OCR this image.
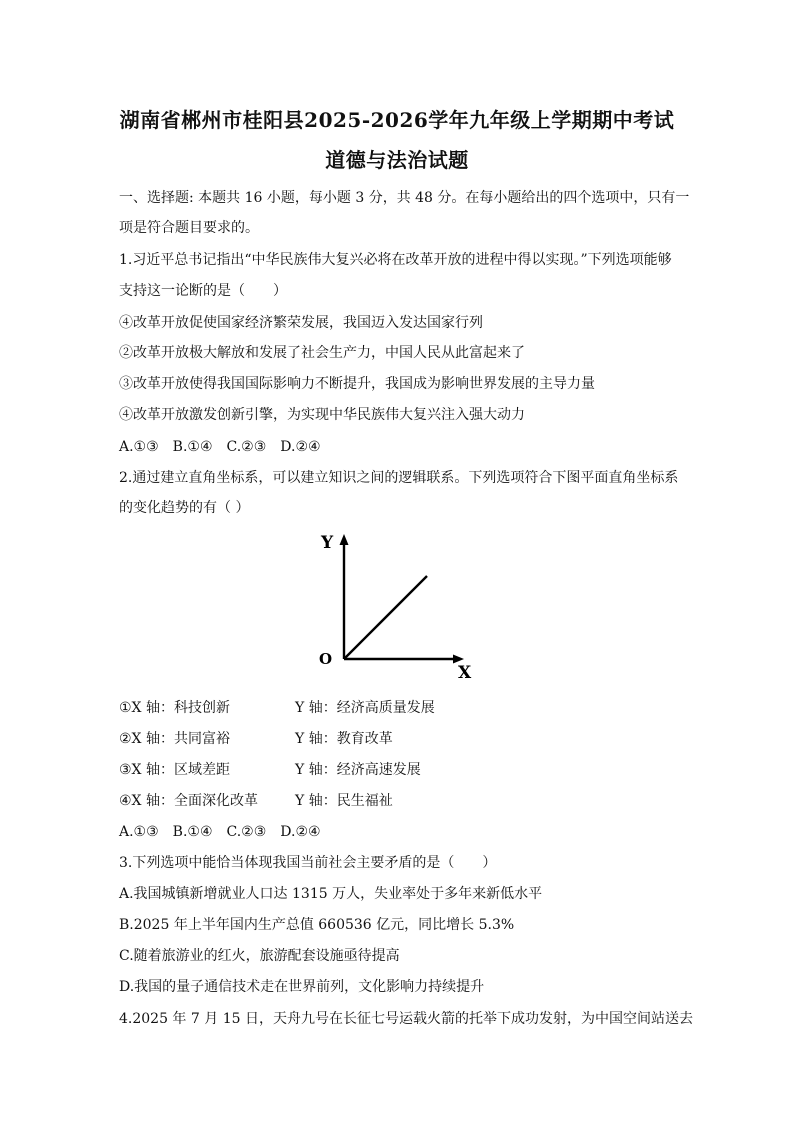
湖南省郴州市桂阳县2025-2026学年九年级上学期期中考试
道德与法治试题
一、选择题: 本题共 16 小题，每小题 3 分，共 48 分。在每小题给出的四个选项中，只有一
项是符合题目要求的。
1.习近平总书记指出“中华民族伟大复兴必将在改革开放的进程中得以实现。”下列选项能够
支持这一论断的是（　　）
④改革开放促使国家经济繁荣发展，我国迈入发达国家行列
②改革开放极大解放和发展了社会生产力，中国人民从此富起来了
③改革开放使得我国国际影响力不断提升，我国成为影响世界发展的主导力量
④改革开放激发创新引擎，为实现中华民族伟大复兴注入强大动力
A.①③　B.①④　C.②③　D.②④
2.通过建立直角坐标系，可以建立知识之间的逻辑联系。下列选项符合下图平面直角坐标系
的变化趋势的有（ ）
Y
X
O
①X 轴：科技创新	Y 轴：经济高质量发展
②X 轴：共同富裕	Y 轴：教育改革
③X 轴：区域差距	Y 轴：经济高速发展
④X 轴：全面深化改革	Y 轴：民生福祉
A.①③　B.①④　C.②③　D.②④
3.下列选项中能恰当体现我国当前社会主要矛盾的是（　　）
A.我国城镇新增就业人口达 1315 万人，失业率处于多年来新低水平
B.2025 年上半年国内生产总值 660536 亿元，同比增长 5.3%
C.随着旅游业的红火，旅游配套设施亟待提高
D.我国的量子通信技术走在世界前列，文化影响力持续提升
4.2025 年 7 月 15 日，天舟九号在长征七号运载火箭的托举下成功发射，为中国空间站送去
